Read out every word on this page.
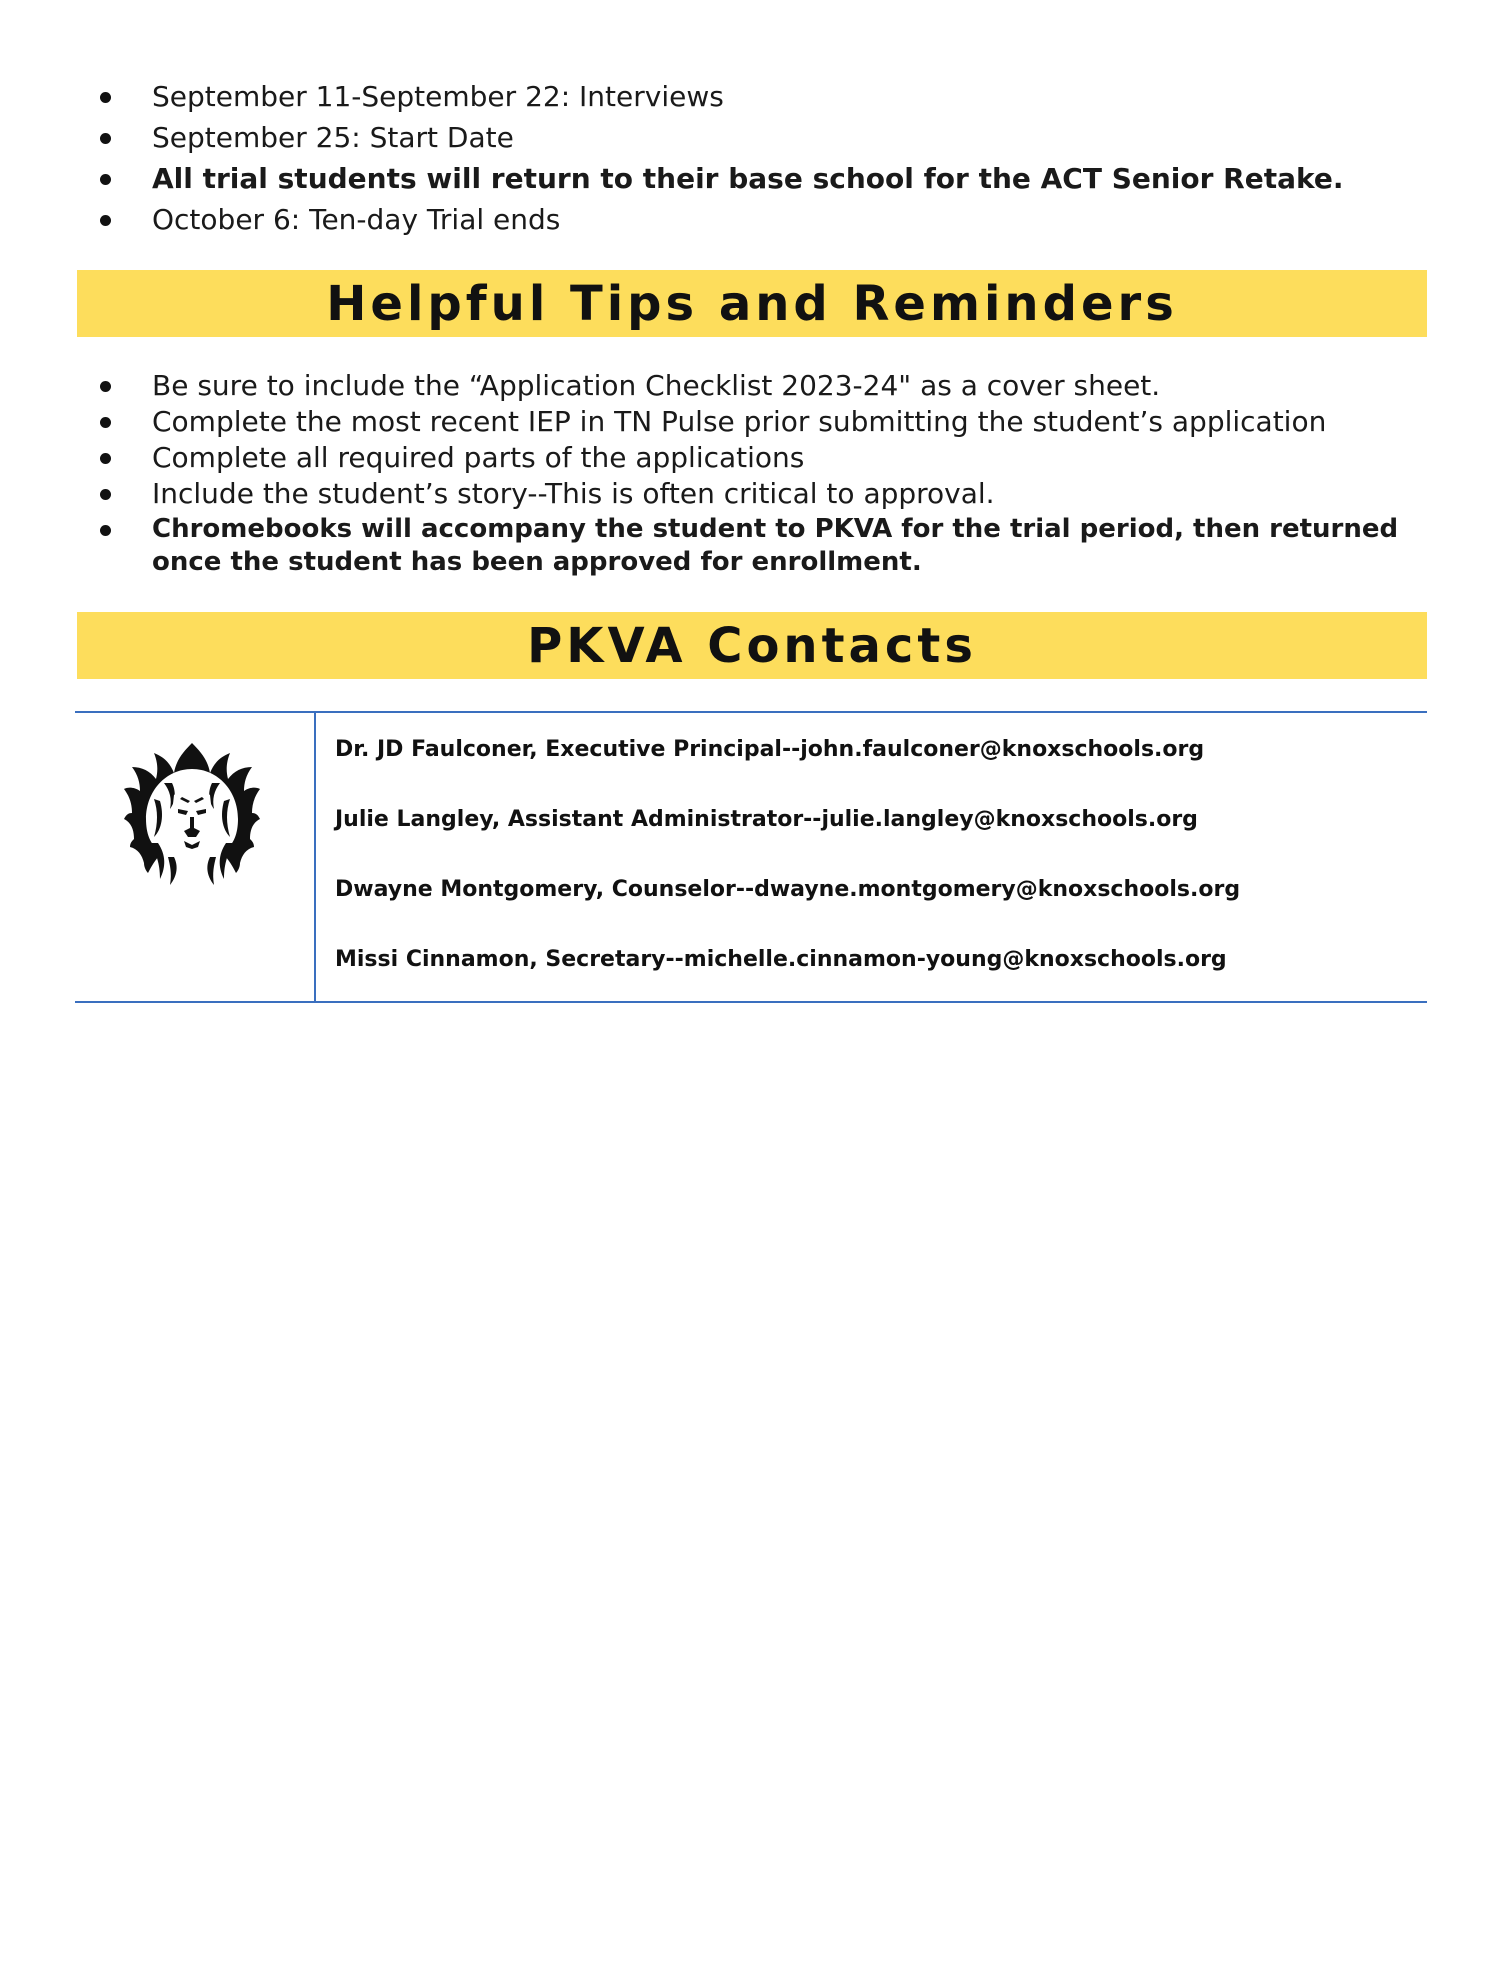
September 11-September 22: Interviews
September 25: Start Date
All trial students will return to their base school for the ACT Senior Retake.
October 6: Ten-day Trial ends
Helpful Tips and Reminders
Be sure to include the “Application Checklist 2023-24" as a cover sheet.
Complete the most recent IEP in TN Pulse prior submitting the student’s application
Complete all required parts of the applications
Include the student’s story--This is often critical to approval.
Chromebooks will accompany the student to PKVA for the trial period, then returned once the student has been approved for enrollment.
PKVA Contacts
Dr. JD Faulconer, Executive Principal--john.faulconer@knoxschools.org
Julie Langley, Assistant Administrator--julie.langley@knoxschools.org
Dwayne Montgomery, Counselor--dwayne.montgomery@knoxschools.org
Missi Cinnamon, Secretary--michelle.cinnamon-young@knoxschools.org
